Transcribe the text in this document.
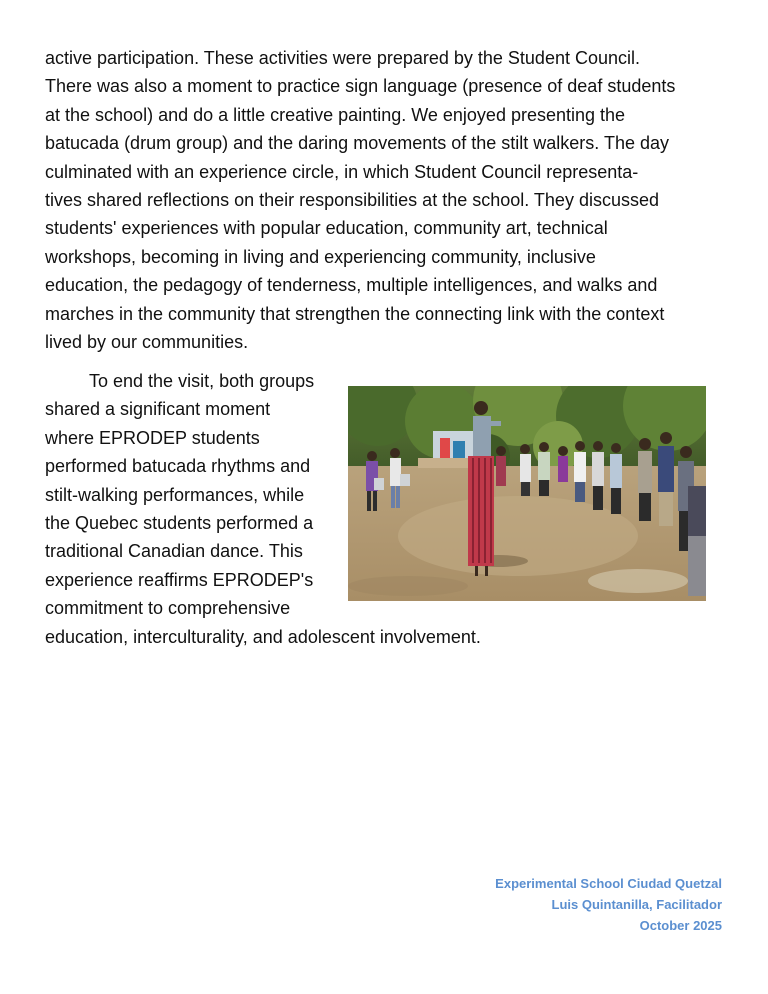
active participation. These activities were prepared by the Student Council.
There was also a moment to practice sign language (presence of deaf students
at the school) and do a little creative painting. We enjoyed presenting the
batucada (drum group) and the daring movements of the stilt walkers. The day
culminated with an experience circle, in which Student Council representa-
tives shared reflections on their responsibilities at the school. They discussed
students' experiences with popular education, community art, technical
workshops, becoming in living and experiencing community, inclusive
education, the pedagogy of tenderness, multiple intelligences, and walks and
marches in the community that strengthen the connecting link with the context
lived by our communities.
To end the visit, both groups
shared a significant moment
where EPRODEP students
performed batucada rhythms and
stilt-walking performances, while
the Quebec students performed a
traditional Canadian dance. This
experience reaffirms EPRODEP's
commitment to comprehensive
education, interculturality, and adolescent involvement.
Experimental School Ciudad Quetzal
Luis Quintanilla, Facilitador
October 2025
